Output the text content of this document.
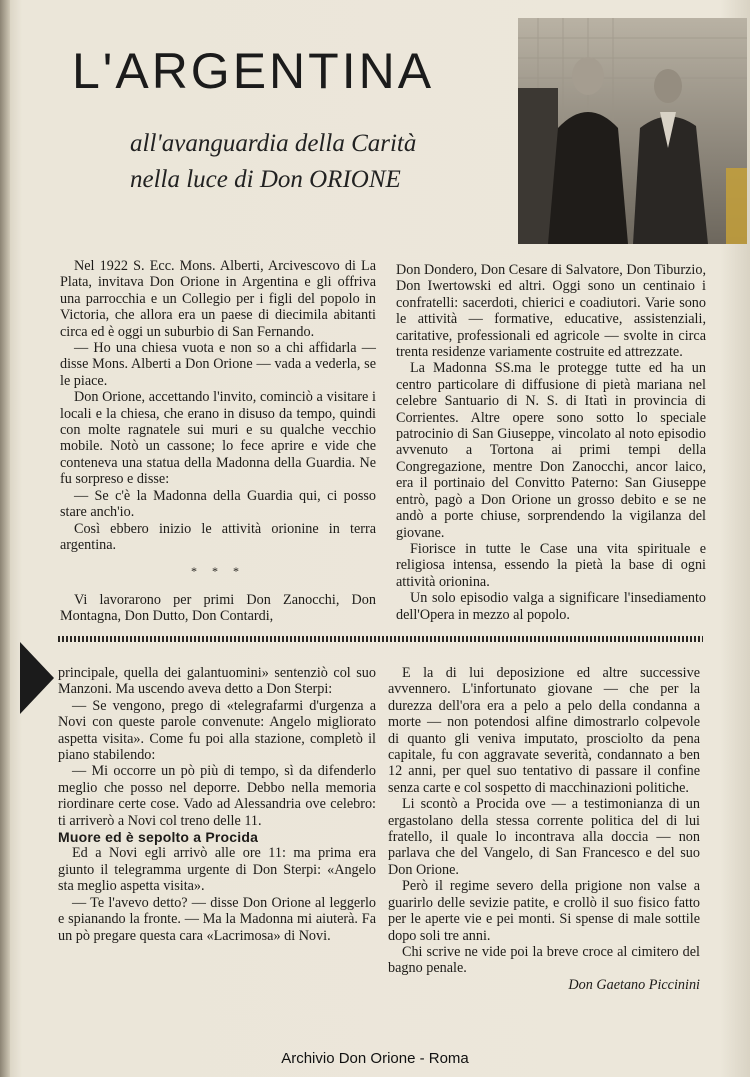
L'ARGENTINA
all'avanguardia della Carità
nella luce di Don ORIONE

Nel 1922 S. Ecc. Mons. Alberti, Arcivescovo di La Plata, invitava Don Orione in Argentina e gli offriva una parrocchia e un Collegio per i figli del popolo in Victoria, che allora era un paese di diecimila abitanti circa ed è oggi un suburbio di San Fernando.

— Ho una chiesa vuota e non so a chi affidarla — disse Mons. Alberti a Don Orione — vada a vederla, se le piace.

Don Orione, accettando l'invito, cominciò a visitare i locali e la chiesa, che erano in disuso da tempo, quindi con molte ragnatele sui muri e su qualche vecchio mobile. Notò un cassone; lo fece aprire e vide che conteneva una statua della Madonna della Guardia. Ne fu sorpreso e disse:

— Se c'è la Madonna della Guardia qui, ci posso stare anch'io.

Così ebbero inizio le attività orionine in terra argentina.

* * *

Vi lavorarono per primi Don Zanocchi, Don Montagna, Don Dutto, Don Contardi,

Don Dondero, Don Cesare di Salvatore, Don Tiburzio, Don Iwertowski ed altri. Oggi sono un centinaio i confratelli: sacerdoti, chierici e coadiutori. Varie sono le attività — formative, educative, assistenziali, caritative, professionali ed agricole — svolte in circa trenta residenze variamente costruite ed attrezzate.

La Madonna SS.ma le protegge tutte ed ha un centro particolare di diffusione di pietà mariana nel celebre Santuario di N. S. di Itatì in provincia di Corrientes. Altre opere sono sotto lo speciale patrocinio di San Giuseppe, vincolato al noto episodio avvenuto a Tortona ai primi tempi della Congregazione, mentre Don Zanocchi, ancor laico, era il portinaio del Convitto Paterno: San Giuseppe entrò, pagò a Don Orione un grosso debito e se ne andò a porte chiuse, sorprendendo la vigilanza del giovane.

Fiorisce in tutte le Case una vita spirituale e religiosa intensa, essendo la pietà la base di ogni attività orionina.

Un solo episodio valga a significare l'insediamento dell'Opera in mezzo al popolo.

principale, quella dei galantuomini» sentenziò col suo Manzoni. Ma uscendo aveva detto a Don Sterpi:

— Se vengono, prego di «telegrafarmi d'urgenza a Novi con queste parole convenute: Angelo migliorato aspetta visita». Come fu poi alla stazione, completò il piano stabilendo:

— Mi occorre un pò più di tempo, sì da difenderlo meglio che posso nel deporre. Debbo nella memoria riordinare certe cose. Vado ad Alessandria ove celebro: ti arriverò a Novi col treno delle 11.

Muore ed è sepolto a Procida

Ed a Novi egli arrivò alle ore 11: ma prima era giunto il telegramma urgente di Don Sterpi: «Angelo sta meglio aspetta visita».

— Te l'avevo detto? — disse Don Orione al leggerlo e spianando la fronte. — Ma la Madonna mi aiuterà. Fa un pò pregare questa cara «Lacrimosa» di Novi.

E la di lui deposizione ed altre successive avvennero. L'infortunato giovane — che per la durezza dell'ora era a pelo a pelo della condanna a morte — non potendosi alfine dimostrarlo colpevole di quanto gli veniva imputato, prosciolto da pena capitale, fu con aggravate severità, condannato a ben 12 anni, per quel suo tentativo di passare il confine senza carte e col sospetto di macchinazioni politiche.

Li scontò a Procida ove — a testimonianza di un ergastolano della stessa corrente politica del di lui fratello, il quale lo incontrava alla doccia — non parlava che del Vangelo, di San Francesco e del suo Don Orione.

Però il regime severo della prigione non valse a guarirlo delle sevizie patite, e crollò il suo fisico fatto per le aperte vie e pei monti. Si spense di male sottile dopo soli tre anni.

Chi scrive ne vide poi la breve croce al cimitero del bagno penale.

Don Gaetano Piccinini

Archivio Don Orione - Roma
